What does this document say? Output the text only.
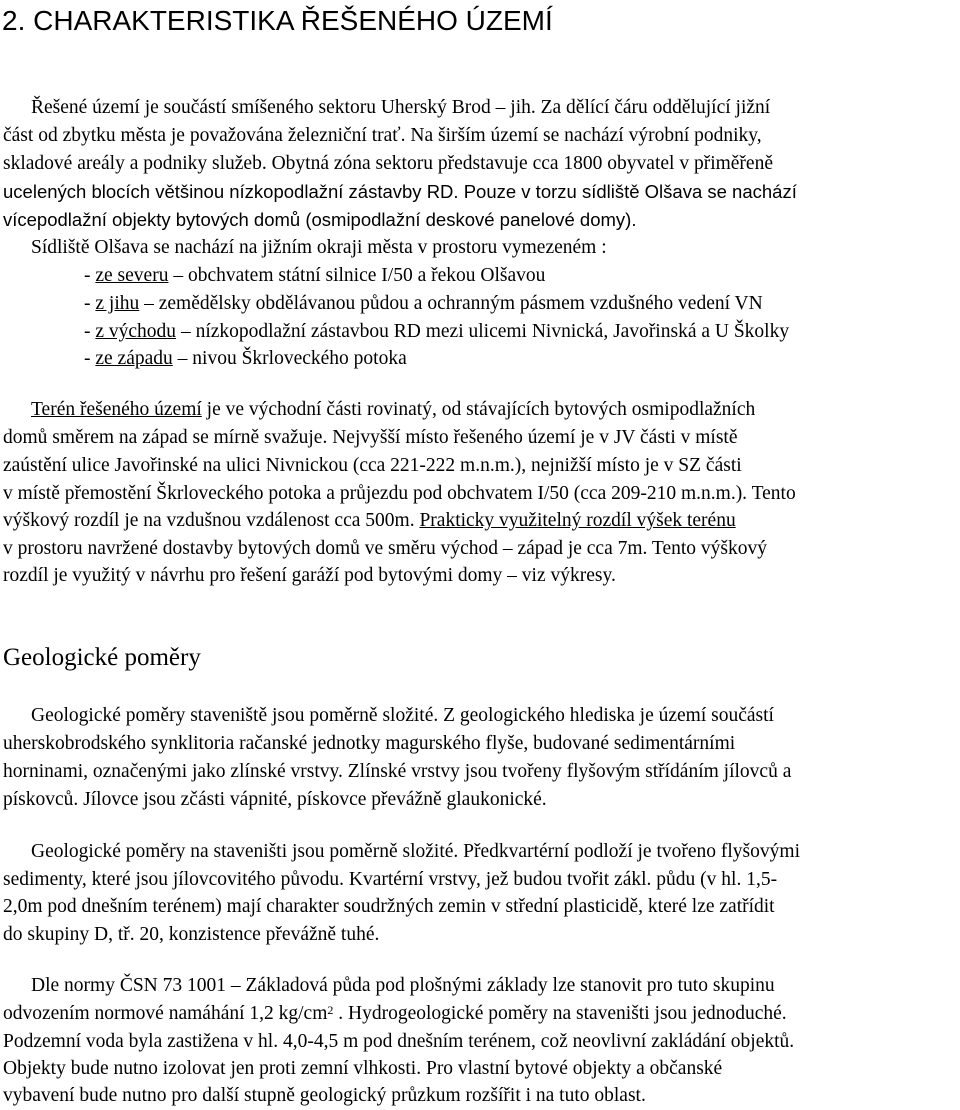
2. CHARAKTERISTIKA ŘEŠENÉHO ÚZEMÍ
Řešené území je součástí smíšeného sektoru Uherský Brod – jih. Za dělící čáru oddělující jižní
část od zbytku města je považována železniční trať. Na širším území se nachází výrobní podniky,
skladové areály a podniky služeb. Obytná zóna sektoru představuje cca 1800 obyvatel v přiměřeně
ucelených blocích většinou nízkopodlažní zástavby RD. Pouze v torzu sídliště Olšava se nachází
vícepodlažní objekty bytových domů (osmipodlažní deskové panelové domy).
Sídliště Olšava se nachází na jižním okraji města v prostoru vymezeném :
- ze severu – obchvatem státní silnice I/50 a řekou Olšavou
- z jihu – zemědělsky obdělávanou půdou a ochranným pásmem vzdušného vedení VN
- z východu – nízkopodlažní zástavbou RD mezi ulicemi Nivnická, Javořinská a U Školky
- ze západu – nivou Škrloveckého potoka
Terén řešeného území je ve východní části rovinatý, od stávajících bytových osmipodlažních
domů směrem na západ se mírně svažuje. Nejvyšší místo řešeného území je v JV části v místě
zaústění ulice Javořinské na ulici Nivnickou (cca 221-222 m.n.m.), nejnižší místo je v SZ části
v místě přemostění Škrloveckého potoka a průjezdu pod obchvatem I/50 (cca 209-210 m.n.m.). Tento
výškový rozdíl je na vzdušnou vzdálenost cca 500m. Prakticky využitelný rozdíl výšek terénu
v prostoru navržené dostavby bytových domů ve směru východ – západ je cca 7m. Tento výškový
rozdíl je využitý v návrhu pro řešení garáží pod bytovými domy – viz výkresy.
Geologické poměry
Geologické poměry staveniště jsou poměrně složité. Z geologického hlediska je území součástí
uherskobrodského synklitoria račanské jednotky magurského flyše, budované sedimentárními
horninami, označenými jako zlínské vrstvy. Zlínské vrstvy jsou tvořeny flyšovým střídáním jílovců a
pískovců. Jílovce jsou zčásti vápnité, pískovce převážně glaukonické.
Geologické poměry na staveništi jsou poměrně složité. Předkvartérní podloží je tvořeno flyšovými
sedimenty, které jsou jílovcovitého původu. Kvartérní vrstvy, jež budou tvořit zákl. půdu (v hl. 1,5-
2,0m pod dnešním terénem) mají charakter soudržných zemin v střední plasticidě, které lze zatřídit
do skupiny D, tř. 20, konzistence převážně tuhé.
Dle normy ČSN 73 1001 – Základová půda pod plošnými základy lze stanovit pro tuto skupinu
odvozením normové namáhání 1,2 $kg/cm^2$ . Hydrogeologické poměry na staveništi jsou jednoduché.
Podzemní voda byla zastižena v hl. 4,0-4,5 m pod dnešním terénem, což neovlivní zakládání objektů.
Objekty bude nutno izolovat jen proti zemní vlhkosti. Pro vlastní bytové objekty a občanské
vybavení bude nutno pro další stupně geologický průzkum rozšířit i na tuto oblast.
